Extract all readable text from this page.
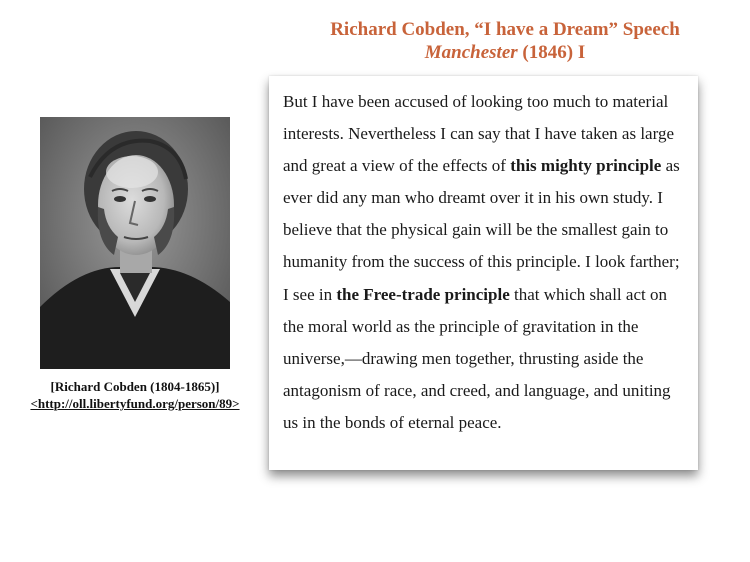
Richard Cobden, “I have a Dream” Speech
Manchester (1846) I
[Richard Cobden (1804-1865)]
<http://oll.libertyfund.org/person/89>
But I have been accused of looking too much to material interests. Nevertheless I can say that I have taken as large and great a view of the effects of this mighty principle as ever did any man who dreamt over it in his own study. I believe that the physical gain will be the smallest gain to humanity from the success of this principle. I look farther; I see in the Free-trade principle that which shall act on the moral world as the principle of gravitation in the universe,—drawing men together, thrusting aside the antagonism of race, and creed, and language, and uniting us in the bonds of eternal peace.
